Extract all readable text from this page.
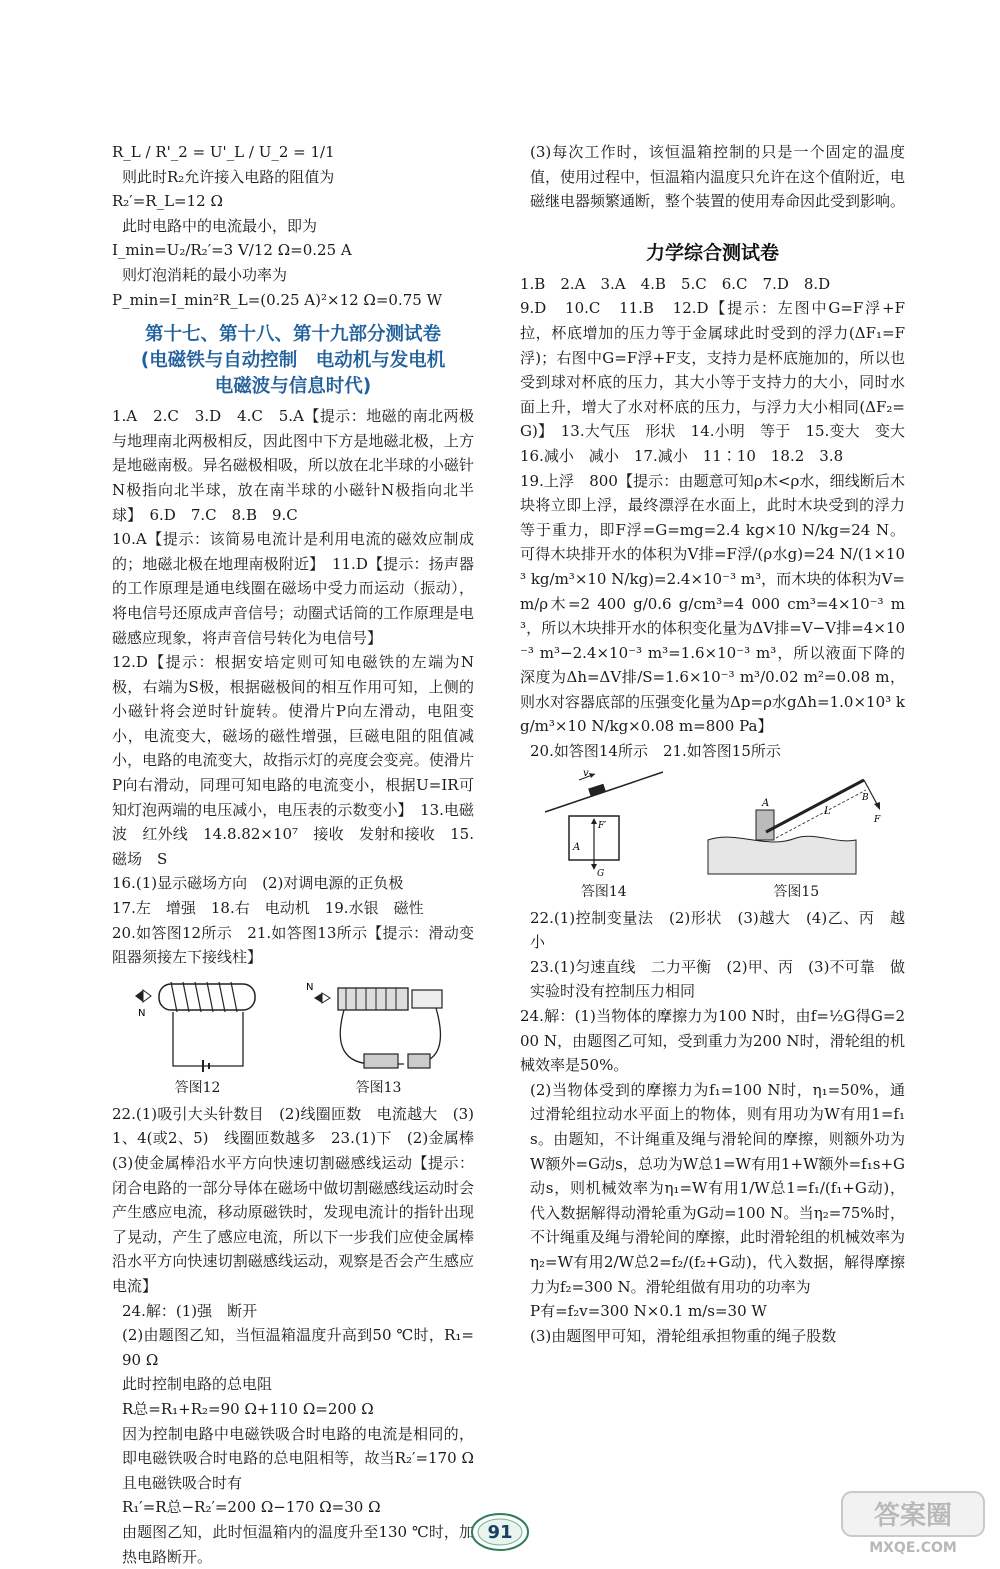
R_L / R'_2 = U'_L / U_2 = 1/1

则此时R₂允许接入电路的阻值为

R₂′=R_L=12 Ω

此时电路中的电流最小，即为

I_min=U₂/R₂′=3 V/12 Ω=0.25 A

则灯泡消耗的最小功率为

P_min=I_min²R_L=(0.25 A)²×12 Ω=0.75 W

第十七、第十八、第十九部分测试卷
(电磁铁与自动控制　电动机与发电机
电磁波与信息时代)

1.A　2.C　3.D　4.C　5.A【提示：地磁的南北两极与地理南北两极相反，因此图中下方是地磁北极，上方是地磁南极。异名磁极相吸，所以放在北半球的小磁针N极指向北半球，放在南半球的小磁针N极指向北半球】　6.D　7.C　8.B　9.C

10.A【提示：该简易电流计是利用电流的磁效应制成的；地磁北极在地理南极附近】　11.D【提示：扬声器的工作原理是通电线圈在磁场中受力而运动（振动），将电信号还原成声音信号；动圈式话筒的工作原理是电磁感应现象，将声音信号转化为电信号】

12.D【提示：根据安培定则可知电磁铁的左端为N极，右端为S极，根据磁极间的相互作用可知，上侧的小磁针将会逆时针旋转。使滑片P向左滑动，电阻变小，电流变大，磁场的磁性增强，巨磁电阻的阻值减小，电路的电流变大，故指示灯的亮度会变亮。使滑片P向右滑动，同理可知电路的电流变小，根据U=IR可知灯泡两端的电压减小，电压表的示数变小】　13.电磁波　红外线　14.8.82×10⁷　接收　发射和接收　15.磁场　S

16.(1)显示磁场方向　(2)对调电源的正负极

17.左　增强　18.右　电动机　19.水银　磁性

20.如答图12所示　21.如答图13所示【提示：滑动变阻器须接左下接线柱】

N
答图12
N
答图13

22.(1)吸引大头针数目　(2)线圈匝数　电流越大　(3)1、4(或2、5)　线圈匝数越多　23.(1)下　(2)金属棒　(3)使金属棒沿水平方向快速切割磁感线运动【提示：闭合电路的一部分导体在磁场中做切割磁感线运动时会产生感应电流，移动原磁铁时，发现电流计的指针出现了晃动，产生了感应电流，所以下一步我们应使金属棒沿水平方向快速切割磁感线运动，观察是否会产生感应电流】

24.解：(1)强　断开

(2)由题图乙知，当恒温箱温度升高到50 ℃时，R₁=90 Ω

此时控制电路的总电阻

R总=R₁+R₂=90 Ω+110 Ω=200 Ω

因为控制电路中电磁铁吸合时电路的电流是相同的，即电磁铁吸合时电路的总电阻相等，故当R₂′=170 Ω且电磁铁吸合时有

R₁′=R总−R₂′=200 Ω−170 Ω=30 Ω

由题图乙知，此时恒温箱内的温度升至130 ℃时，加热电路断开。

(3)每次工作时，该恒温箱控制的只是一个固定的温度值，使用过程中，恒温箱内温度只允许在这个值附近，电磁继电器频繁通断，整个装置的使用寿命因此受到影响。

力学综合测试卷

1.B　2.A　3.A　4.B　5.C　6.C　7.D　8.D

9.D　10.C　11.B　12.D【提示：左图中G=F浮+F拉，杯底增加的压力等于金属球此时受到的浮力(ΔF₁=F浮)；右图中G=F浮+F支，支持力是杯底施加的，所以也受到球对杯底的压力，其大小等于支持力的大小，同时水面上升，增大了水对杯底的压力，与浮力大小相同(ΔF₂=G)】　13.大气压　形状　14.小明　等于　15.变大　变大　16.减小　减小　17.减小　11∶10　18.2　3.8

19.上浮　800【提示：由题意可知ρ木<ρ水，细线断后木块将立即上浮，最终漂浮在水面上，此时木块受到的浮力等于重力，即F浮=G=mg=2.4 kg×10 N/kg=24 N。可得木块排开水的体积为V排=F浮/(ρ水g)=24 N/(1×10³ kg/m³×10 N/kg)=2.4×10⁻³ m³，而木块的体积为V=m/ρ木=2 400 g/0.6 g/cm³=4 000 cm³=4×10⁻³ m³，所以木块排开水的体积变化量为ΔV排=V−V排=4×10⁻³ m³−2.4×10⁻³ m³=1.6×10⁻³ m³，所以液面下降的深度为Δh=ΔV排/S=1.6×10⁻³ m³/0.02 m²=0.08 m，则水对容器底部的压强变化量为Δp=ρ水gΔh=1.0×10³ kg/m³×10 N/kg×0.08 m=800 Pa】

20.如答图14所示　21.如答图15所示

v
A
F′
G
答图14
A
L
B
F
答图15

22.(1)控制变量法　(2)形状　(3)越大　(4)乙、丙　越小

23.(1)匀速直线　二力平衡　(2)甲、丙　(3)不可靠　做实验时没有控制压力相同

24.解：(1)当物体的摩擦力为100 N时，由f=½G得G=200 N，由题图乙可知，受到重力为200 N时，滑轮组的机械效率是50%。

(2)当物体受到的摩擦力为f₁=100 N时，η₁=50%，通过滑轮组拉动水平面上的物体，则有用功为W有用1=f₁s。由题知，不计绳重及绳与滑轮间的摩擦，则额外功为W额外=G动s，总功为W总1=W有用1+W额外=f₁s+G动s，则机械效率为η₁=W有用1/W总1=f₁/(f₁+G动)，代入数据解得动滑轮重为G动=100 N。当η₂=75%时，不计绳重及绳与滑轮间的摩擦，此时滑轮组的机械效率为η₂=W有用2/W总2=f₂/(f₂+G动)，代入数据，解得摩擦力为f₂=300 N。滑轮组做有用功的功率为

P有=f₂v=300 N×0.1 m/s=30 W

(3)由题图甲可知，滑轮组承担物重的绳子股数

91
答案圈
MXQE.COM
